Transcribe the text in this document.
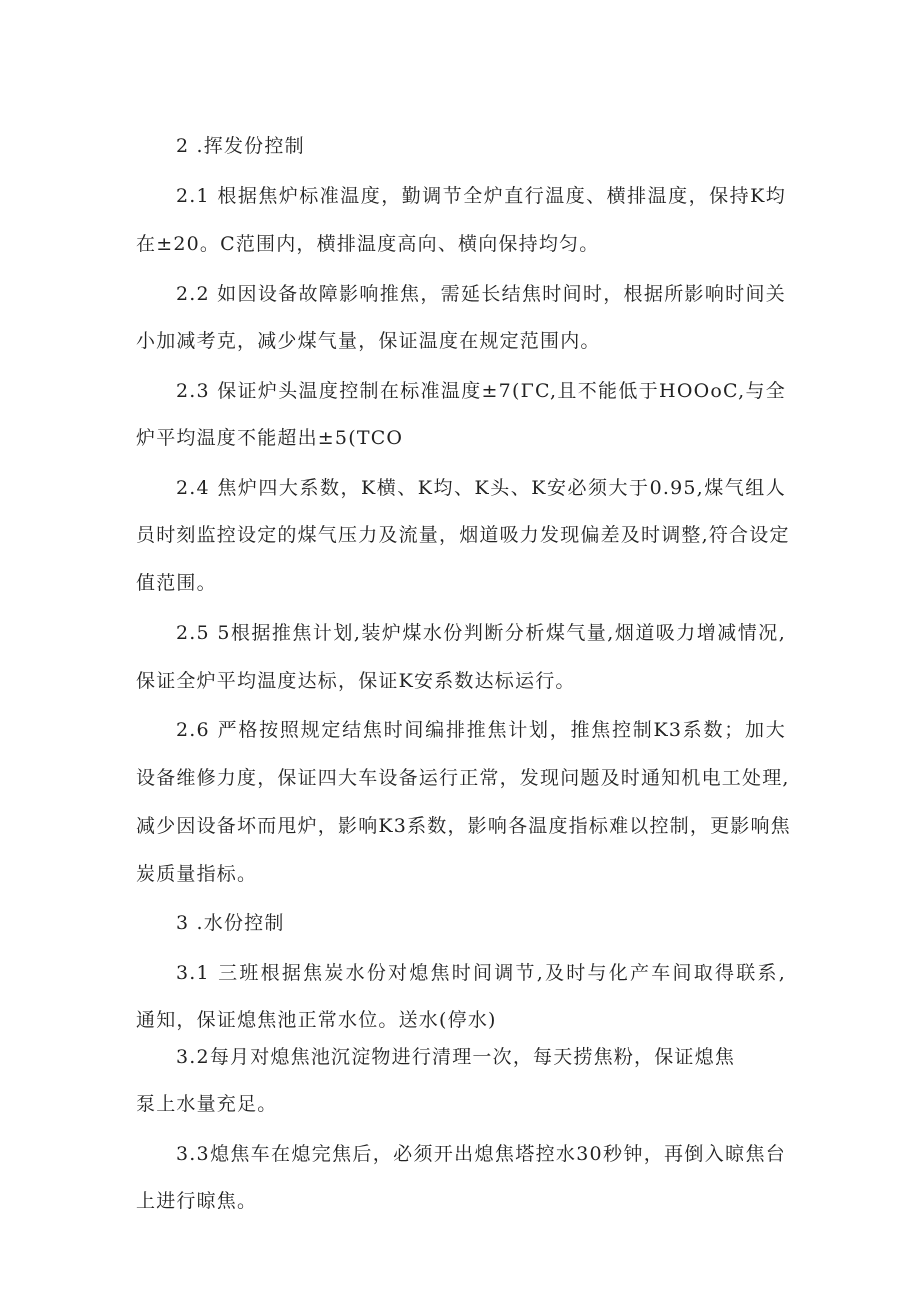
2 .挥发份控制
2.1 根据焦炉标准温度，勤调节全炉直行温度、横排温度，保持K均
在±20。C范围内，横排温度高向、横向保持均匀。
2.2 如因设备故障影响推焦，需延长结焦时间时，根据所影响时间关
小加减考克，减少煤气量，保证温度在规定范围内。
2.3 保证炉头温度控制在标准温度±7(ΓC,且不能低于HOOoC,与全
炉平均温度不能超出±5(TCO
2.4 焦炉四大系数，K横、K均、K头、K安必须大于0.95,煤气组人
员时刻监控设定的煤气压力及流量，烟道吸力发现偏差及时调整,符合设定
值范围。
2.5 5根据推焦计划,装炉煤水份判断分析煤气量,烟道吸力增减情况,
保证全炉平均温度达标，保证K安系数达标运行。
2.6 严格按照规定结焦时间编排推焦计划，推焦控制K3系数；加大
设备维修力度，保证四大车设备运行正常，发现问题及时通知机电工处理,
减少因设备坏而甩炉，影响K3系数，影响各温度指标难以控制，更影响焦
炭质量指标。
3 .水份控制
3.1 三班根据焦炭水份对熄焦时间调节,及时与化产车间取得联系,
通知，保证熄焦池正常水位。送水(停水)
3.2每月对熄焦池沉淀物进行清理一次，每天捞焦粉，保证熄焦
泵上水量充足。
3.3熄焦车在熄完焦后，必须开出熄焦塔控水30秒钟，再倒入晾焦台
上进行晾焦。
